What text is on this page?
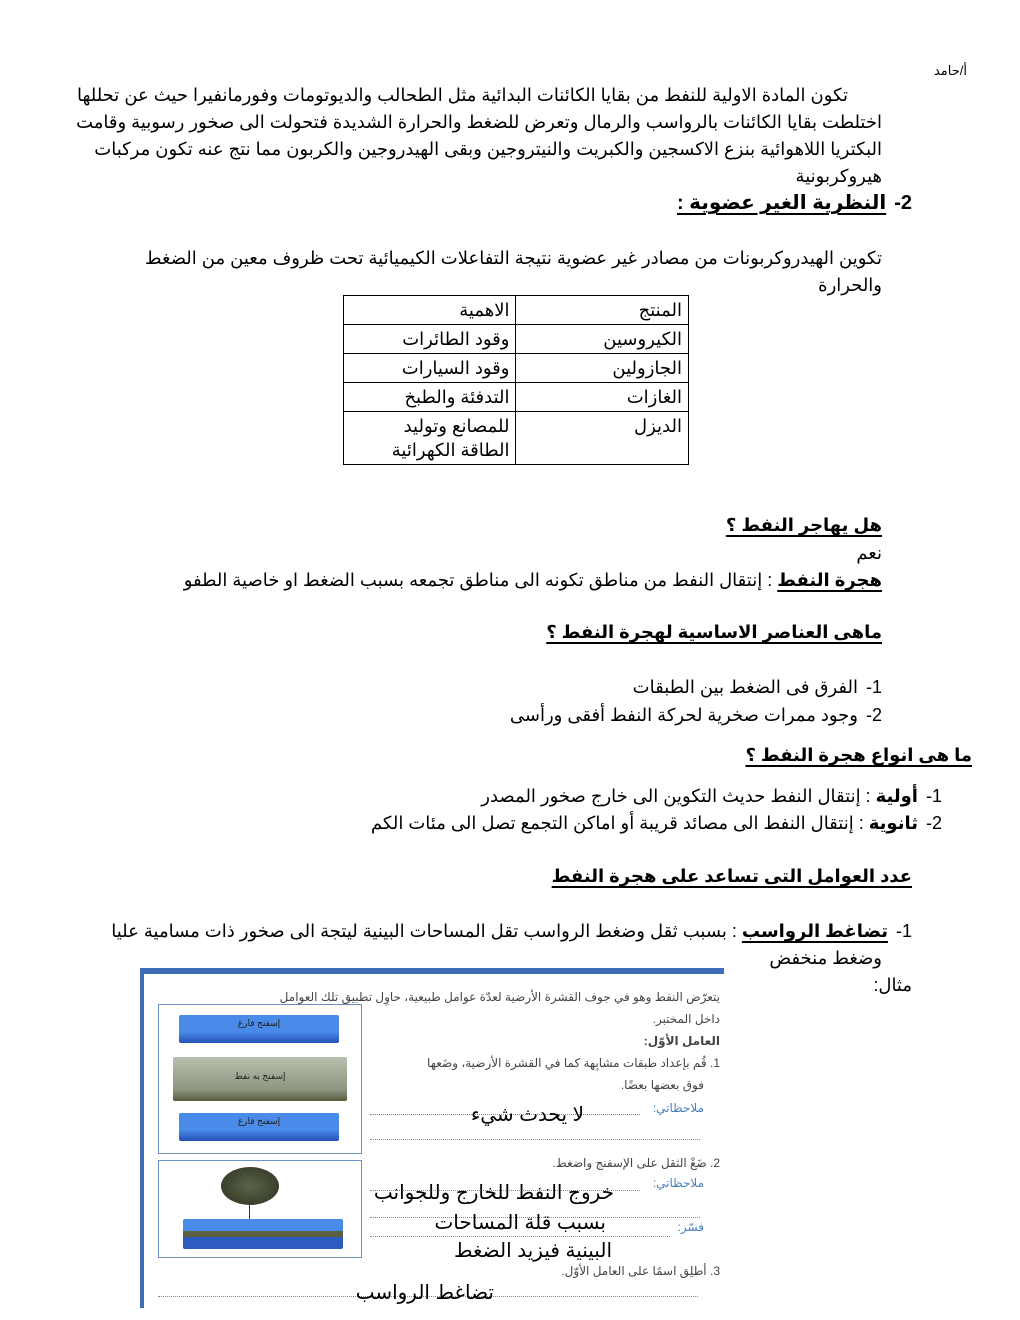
أ/حامد
تكون المادة الاولية للنفط من بقايا الكائنات البدائية مثل الطحالب والديوتومات وفورمانفيرا حيث عن تحللها
اختلطت بقايا الكائنات بالرواسب والرمال وتعرض للضغط والحرارة الشديدة فتحولت الى صخور رسوبية وقامت
البكتريا اللاهوائية بنزع الاكسجين والكبريت والنيتروجين وبقى الهيدروجين والكربون مما نتج عنه تكون مركبات
هيروكربونية
2-النظرية الغير عضوية :
تكوين الهيدروكربونات من مصادر غير عضوية نتيجة التفاعلات الكيميائية تحت ظروف معين من الضغط
والحرارة
المنتج	الاهمية
الكيروسين	وقود الطائرات
الجازولين	وقود السيارات
الغازات	التدفئة والطبخ
الديزل	للمصانع وتوليد الطاقة الكهرائية
هل يهاجر النفط ؟
نعم
هجرة النفط : إنتقال النفط من مناطق تكونه الى مناطق تجمعه بسبب الضغط او خاصية الطفو
ماهى العناصر الاساسية لهجرة النفط ؟
1-الفرق فى الضغط بين الطبقات
2-وجود ممرات صخرية لحركة النفط أفقى ورأسى
ما هى انواع هجرة النفط ؟
1-أولية : إنتقال النفط حديث التكوين الى خارج صخور المصدر
2-ثانوية : إنتقال النفط الى مصائد قريبة أو اماكن التجمع تصل الى مئات الكم
عدد العوامل التى تساعد على هجرة النفط
1-تضاغط الرواسب : بسبب ثقل وضغط الرواسب تقل المساحات البينية ليتجة الى صخور ذات مسامية عليا
وضغط منخفض
مثال:
يتعرّض النفط وهو في جوف القشرة الأرضية لعدّة عوامل طبيعية، حاوِل تطبيق تلك العوامل
داخل المختبر.
العامل الأوّل:
1. قُم بإعداد طبقات مشابِهة كما في القشرة الأرضية، وضَعها
فوق بعضها بعضًا.
ملاحظاتي:
لا يحدث شيء
2. ضَعْ الثقل على الإسفنج واضغط.
ملاحظاتي:
خروج النفط للخارج وللجوانب
فسّر:
بسبب قلة المساحات
البينية فيزيد الضغط
3. أطلِق اسمًا على العامل الأوّل.
تضاغط الرواسب
إسفنج فارغ
إسفنج به نفط
إسفنج فارغ
